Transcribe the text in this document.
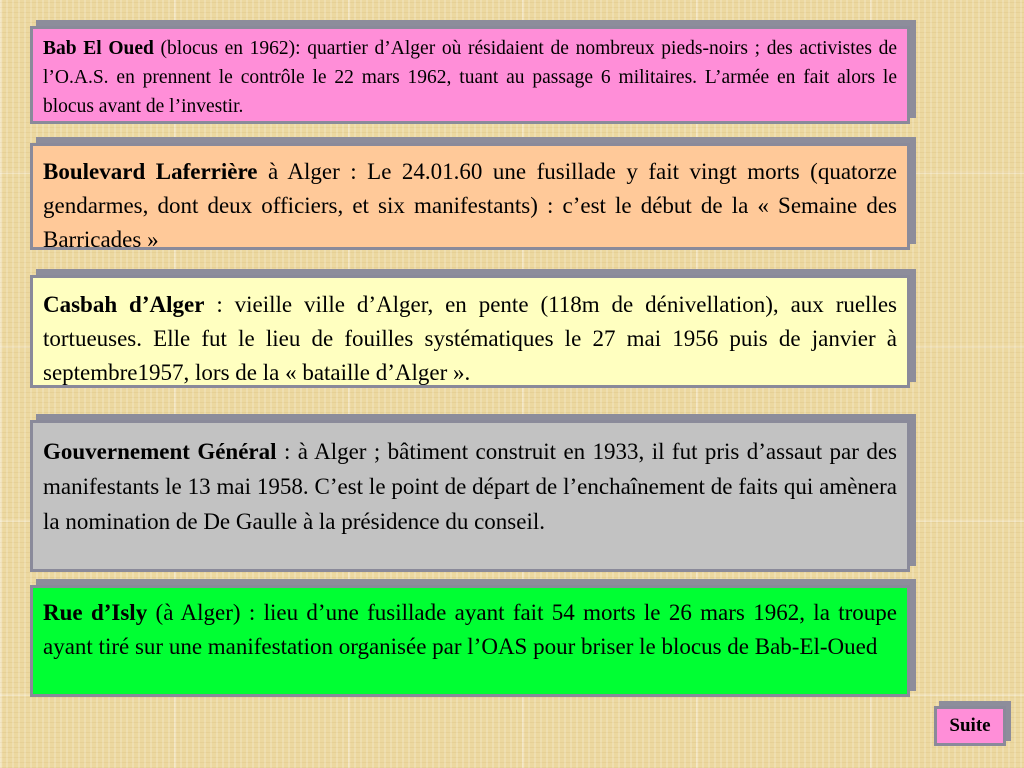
Bab El Oued (blocus en 1962): quartier d’Alger où résidaient de nombreux pieds-noirs ; des activistes de l’O.A.S. en prennent le contrôle le 22 mars 1962, tuant au passage 6 militaires. L’armée en fait alors le blocus avant de l’investir.
Boulevard Laferrière à Alger : Le 24.01.60 une fusillade y fait vingt morts (quatorze gendarmes, dont deux officiers, et six manifestants) : c’est le début de la « Semaine des Barricades »
Casbah d’Alger : vieille ville d’Alger, en pente (118m de dénivellation), aux ruelles tortueuses. Elle fut le lieu de fouilles systématiques le 27 mai 1956 puis de janvier à septembre1957, lors de la « bataille d’Alger ».
Gouvernement Général : à Alger ; bâtiment construit en 1933, il fut pris d’assaut par des manifestants le 13 mai 1958. C’est le point de départ de l’enchaînement de faits qui amènera la nomination de De Gaulle à la présidence du conseil.
Rue d’Isly (à Alger) : lieu d’une fusillade ayant fait 54 morts le 26 mars 1962, la troupe ayant tiré sur une manifestation organisée par l’OAS pour briser le blocus de Bab-El-Oued
Suite
